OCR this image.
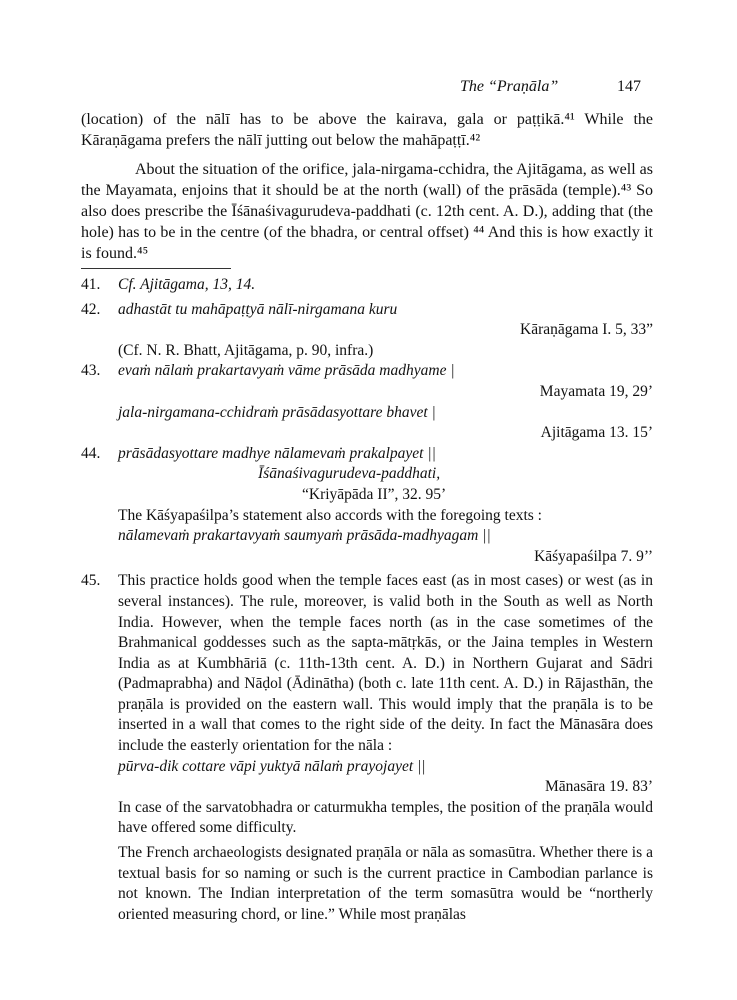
The “Praṇāla”	147

(location) of the nālī has to be above the kairava, gala or paṭṭikā.⁴¹ While the Kāraṇāgama prefers the nālī jutting out below the mahāpaṭṭī.⁴²

About the situation of the orifice, jala-nirgama-cchidra, the Ajitāgama, as well as the Mayamata, enjoins that it should be at the north (wall) of the prāsāda (temple).⁴³ So also does prescribe the Īśānaśivagurudeva-paddhati (c. 12th cent. A. D.), adding that (the hole) has to be in the centre (of the bhadra, or central offset) ⁴⁴ And this is how exactly it is found.⁴⁵

41. Cf. Ajitāgama, 13, 14.
42. adhastāt tu mahāpaṭṭyā nālī-nirgamana kuru
Kāraṇāgama I. 5, 33”
(Cf. N. R. Bhatt, Ajitāgama, p. 90, infra.)
43. evaṁ nālaṁ prakartavyaṁ vāme prāsāda madhyame |
Mayamata 19, 29’
jala-nirgamana-cchidraṁ prāsādasyottare bhavet |
Ajitāgama 13. 15’
44. prāsādasyottare madhye nālamevaṁ prakalpayet ||
Īśānaśivagurudeva-paddhati,
“Kriyāpāda II”, 32. 95’
The Kāśyapaśilpa’s statement also accords with the foregoing texts :
nālamevaṁ prakartavyaṁ saumyaṁ prāsāda-madhyagam ||
Kāśyapaśilpa 7. 9’’
45. This practice holds good when the temple faces east (as in most cases) or west (as in several instances). The rule, moreover, is valid both in the South as well as North India. However, when the temple faces north (as in the case sometimes of the Brahmanical goddesses such as the sapta-mātṛkās, or the Jaina temples in Western India as at Kumbhāriā (c. 11th-13th cent. A. D.) in Northern Gujarat and Sādri (Padmaprabha) and Nāḍol (Ādinātha) (both c. late 11th cent. A. D.) in Rājasthān, the praṇāla is provided on the eastern wall. This would imply that the praṇāla is to be inserted in a wall that comes to the right side of the deity. In fact the Mānasāra does include the easterly orientation for the nāla :
pūrva-dik cottare vāpi yuktyā nālaṁ prayojayet ||
Mānasāra 19. 83’
In case of the sarvatobhadra or caturmukha temples, the position of the praṇāla would have offered some difficulty.
The French archaeologists designated praṇāla or nāla as somasūtra. Whether there is a textual basis for so naming or such is the current practice in Cambodian parlance is not known. The Indian interpretation of the term somasūtra would be “northerly oriented measuring chord, or line.” While most praṇālas
